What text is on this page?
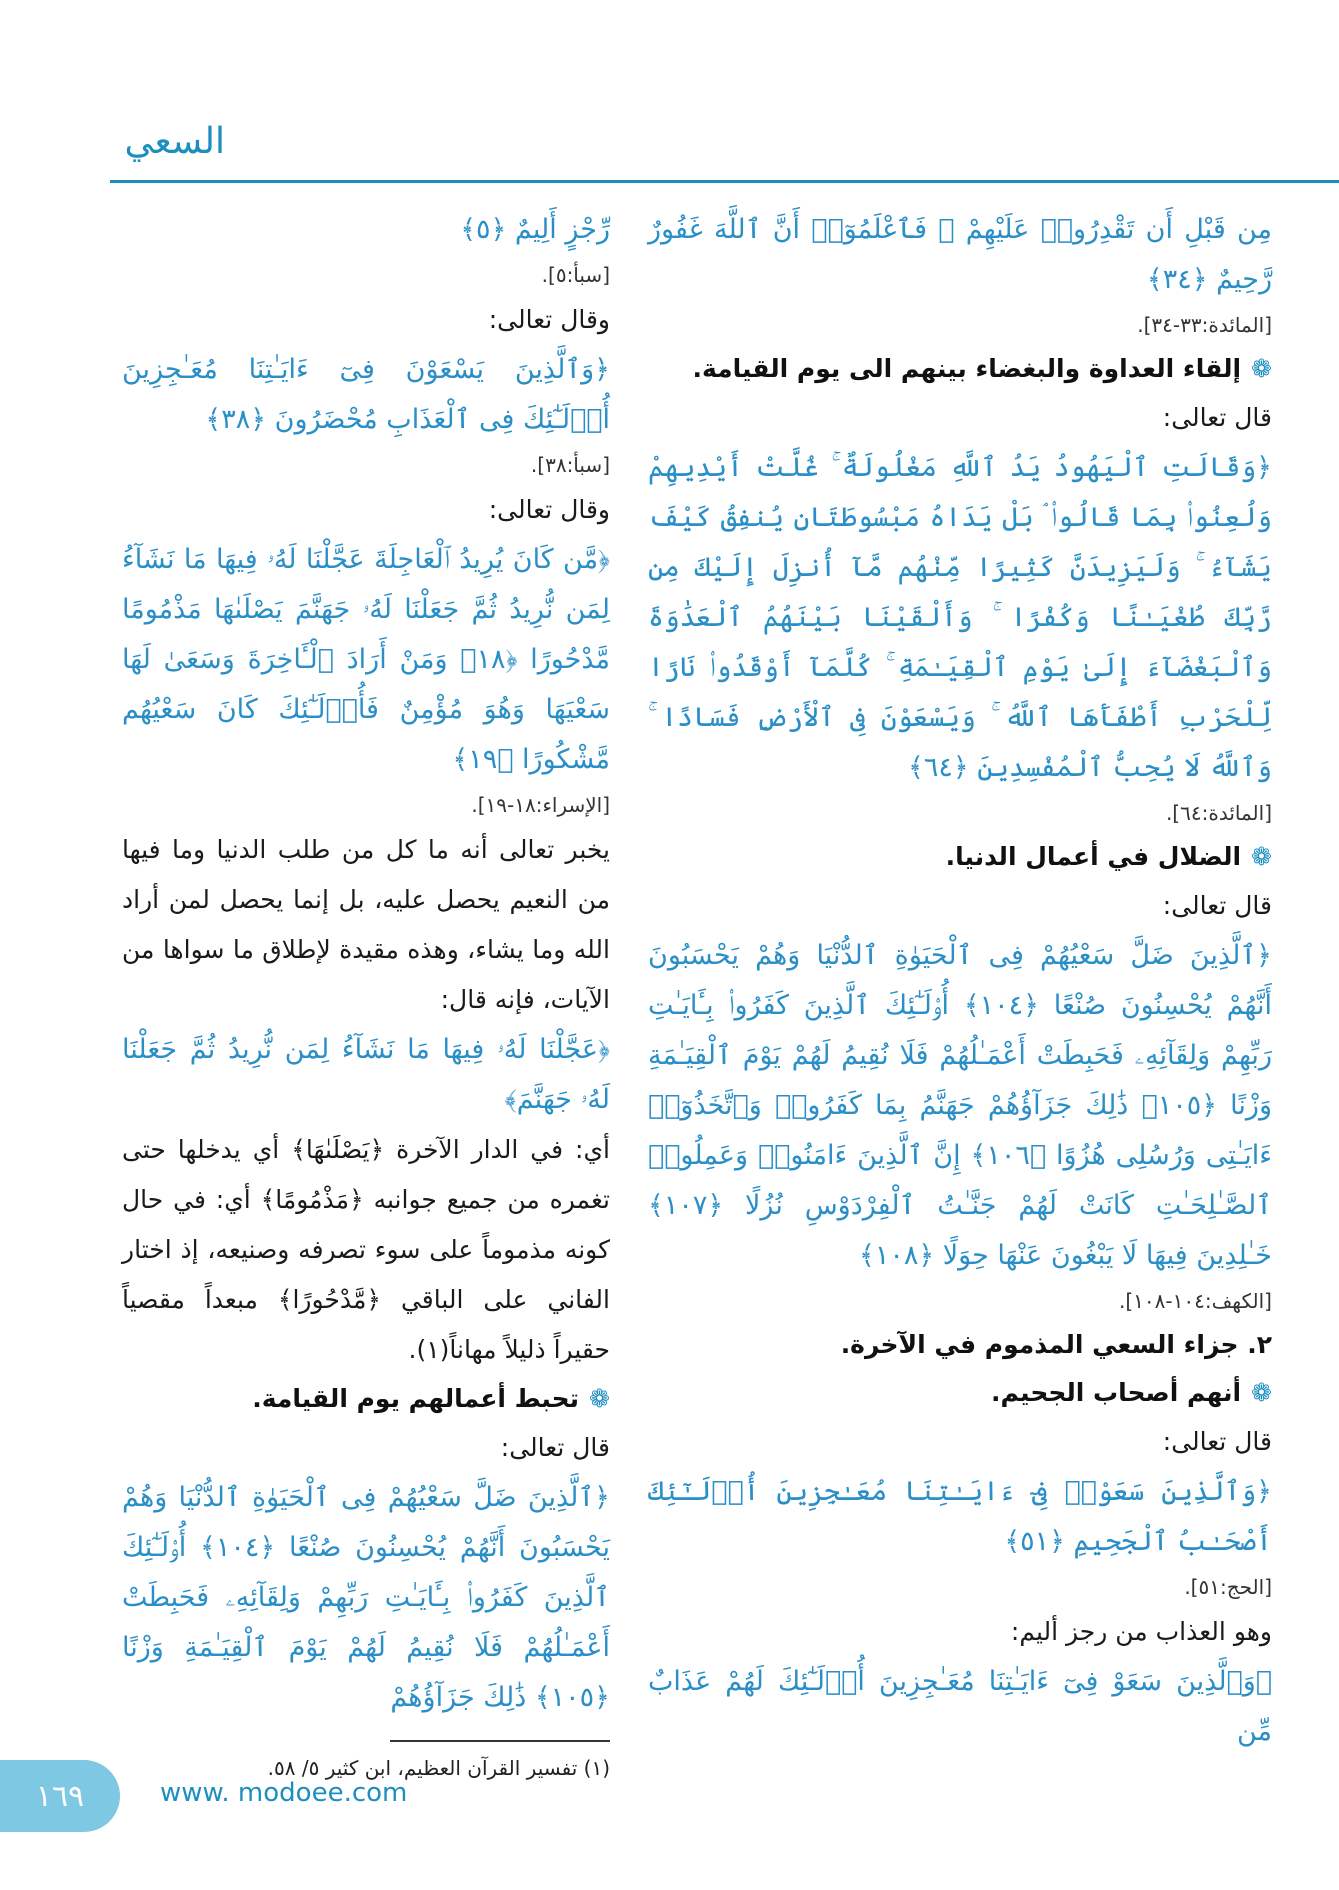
السعي

مِن قَبْلِ أَن تَقْدِرُوا۟ عَلَيْهِمْ ۖ فَٱعْلَمُوٓا۟ أَنَّ ٱللَّهَ غَفُورٌ رَّحِيمٌ ﴿٣٤﴾

[المائدة:٣٣-٣٤].

❁إلقاء العداوة والبغضاء بينهم الى يوم القيامة.

قال تعالى:

﴿وَقَالَتِ ٱلْيَهُودُ يَدُ ٱللَّهِ مَغْلُولَةٌ ۚ غُلَّتْ أَيْدِيهِمْ وَلُعِنُوا۟ بِمَا قَالُوا۟ ۘ بَلْ يَدَاهُ مَبْسُوطَتَانِ يُنفِقُ كَيْفَ يَشَآءُ ۚ وَلَيَزِيدَنَّ كَثِيرًا مِّنْهُم مَّآ أُنزِلَ إِلَيْكَ مِن رَّبِّكَ طُغْيَـٰنًا وَكُفْرًا ۚ وَأَلْقَيْنَا بَيْنَهُمُ ٱلْعَدَٰوَةَ وَٱلْبَغْضَآءَ إِلَىٰ يَوْمِ ٱلْقِيَـٰمَةِ ۚ كُلَّمَآ أَوْقَدُوا۟ نَارًا لِّلْحَرْبِ أَطْفَأَهَا ٱللَّهُ ۚ وَيَسْعَوْنَ فِى ٱلْأَرْضِ فَسَادًا ۚ وَٱللَّهُ لَا يُحِبُّ ٱلْمُفْسِدِينَ ﴿٦٤﴾

[المائدة:٦٤].

❁الضلال في أعمال الدنيا.

قال تعالى:

﴿ٱلَّذِينَ ضَلَّ سَعْيُهُمْ فِى ٱلْحَيَوٰةِ ٱلدُّنْيَا وَهُمْ يَحْسَبُونَ أَنَّهُمْ يُحْسِنُونَ صُنْعًا ﴿١٠٤﴾ أُو۟لَـٰٓئِكَ ٱلَّذِينَ كَفَرُوا۟ بِـَٔايَـٰتِ رَبِّهِمْ وَلِقَآئِهِۦ فَحَبِطَتْ أَعْمَـٰلُهُمْ فَلَا نُقِيمُ لَهُمْ يَوْمَ ٱلْقِيَـٰمَةِ وَزْنًا ﴿١٠٥﴾ ذَٰلِكَ جَزَآؤُهُمْ جَهَنَّمُ بِمَا كَفَرُوا۟ وَٱتَّخَذُوٓا۟ ءَايَـٰتِى وَرُسُلِى هُزُوًا ﴿١٠٦﴾ إِنَّ ٱلَّذِينَ ءَامَنُوا۟ وَعَمِلُوا۟ ٱلصَّـٰلِحَـٰتِ كَانَتْ لَهُمْ جَنَّـٰتُ ٱلْفِرْدَوْسِ نُزُلًا ﴿١٠٧﴾ خَـٰلِدِينَ فِيهَا لَا يَبْغُونَ عَنْهَا حِوَلًا ﴿١٠٨﴾

[الكهف:١٠٤-١٠٨].

٢. جزاء السعي المذموم في الآخرة.

❁أنهم أصحاب الجحيم.

قال تعالى:

﴿وَٱلَّذِينَ سَعَوْا۟ فِىٓ ءَايَـٰتِنَا مُعَـٰجِزِينَ أُو۟لَـٰٓئِكَ أَصْحَـٰبُ ٱلْجَحِيمِ ﴿٥١﴾

[الحج:٥١].

وهو العذاب من رجز أليم:

﴿وَٱلَّذِينَ سَعَوْ فِىٓ ءَايَـٰتِنَا مُعَـٰجِزِينَ أُو۟لَـٰٓئِكَ لَهُمْ عَذَابٌ مِّن

رِّجْزٍ أَلِيمٌ ﴿٥﴾

[سبأ:٥].

وقال تعالى:

﴿وَٱلَّذِينَ يَسْعَوْنَ فِىٓ ءَايَـٰتِنَا مُعَـٰجِزِينَ أُو۟لَـٰٓئِكَ فِى ٱلْعَذَابِ مُحْضَرُونَ ﴿٣٨﴾

[سبأ:٣٨].

وقال تعالى:

﴿مَّن كَانَ يُرِيدُ ٱلْعَاجِلَةَ عَجَّلْنَا لَهُۥ فِيهَا مَا نَشَآءُ لِمَن نُّرِيدُ ثُمَّ جَعَلْنَا لَهُۥ جَهَنَّمَ يَصْلَىٰهَا مَذْمُومًا مَّدْحُورًا ﴿١٨﴾ وَمَنْ أَرَادَ ٱلْـَٔاخِرَةَ وَسَعَىٰ لَهَا سَعْيَهَا وَهُوَ مُؤْمِنٌ فَأُو۟لَـٰٓئِكَ كَانَ سَعْيُهُم مَّشْكُورًا ﴿١٩﴾

[الإسراء:١٨-١٩].

يخبر تعالى أنه ما كل من طلب الدنيا وما فيها من النعيم يحصل عليه، بل إنما يحصل لمن أراد الله وما يشاء، وهذه مقيدة لإطلاق ما سواها من الآيات، فإنه قال:

﴿عَجَّلْنَا لَهُۥ فِيهَا مَا نَشَآءُ لِمَن نُّرِيدُ ثُمَّ جَعَلْنَا لَهُۥ جَهَنَّمَ﴾

أي: في الدار الآخرة ﴿يَصْلَىٰهَا﴾ أي يدخلها حتى تغمره من جميع جوانبه ﴿مَذْمُومًا﴾ أي: في حال كونه مذموماً على سوء تصرفه وصنيعه، إذ اختار الفاني على الباقي ﴿مَّدْحُورًا﴾ مبعداً مقصياً حقيراً ذليلاً مهاناً(١).

❁تحبط أعمالهم يوم القيامة.

قال تعالى:

﴿ٱلَّذِينَ ضَلَّ سَعْيُهُمْ فِى ٱلْحَيَوٰةِ ٱلدُّنْيَا وَهُمْ يَحْسَبُونَ أَنَّهُمْ يُحْسِنُونَ صُنْعًا ﴿١٠٤﴾ أُو۟لَـٰٓئِكَ ٱلَّذِينَ كَفَرُوا۟ بِـَٔايَـٰتِ رَبِّهِمْ وَلِقَآئِهِۦ فَحَبِطَتْ أَعْمَـٰلُهُمْ فَلَا نُقِيمُ لَهُمْ يَوْمَ ٱلْقِيَـٰمَةِ وَزْنًا ﴿١٠٥﴾ ذَٰلِكَ جَزَآؤُهُمْ

(١) تفسير القرآن العظيم، ابن كثير ٥/ ٥٨.
١٦٩	www. modoee.com
